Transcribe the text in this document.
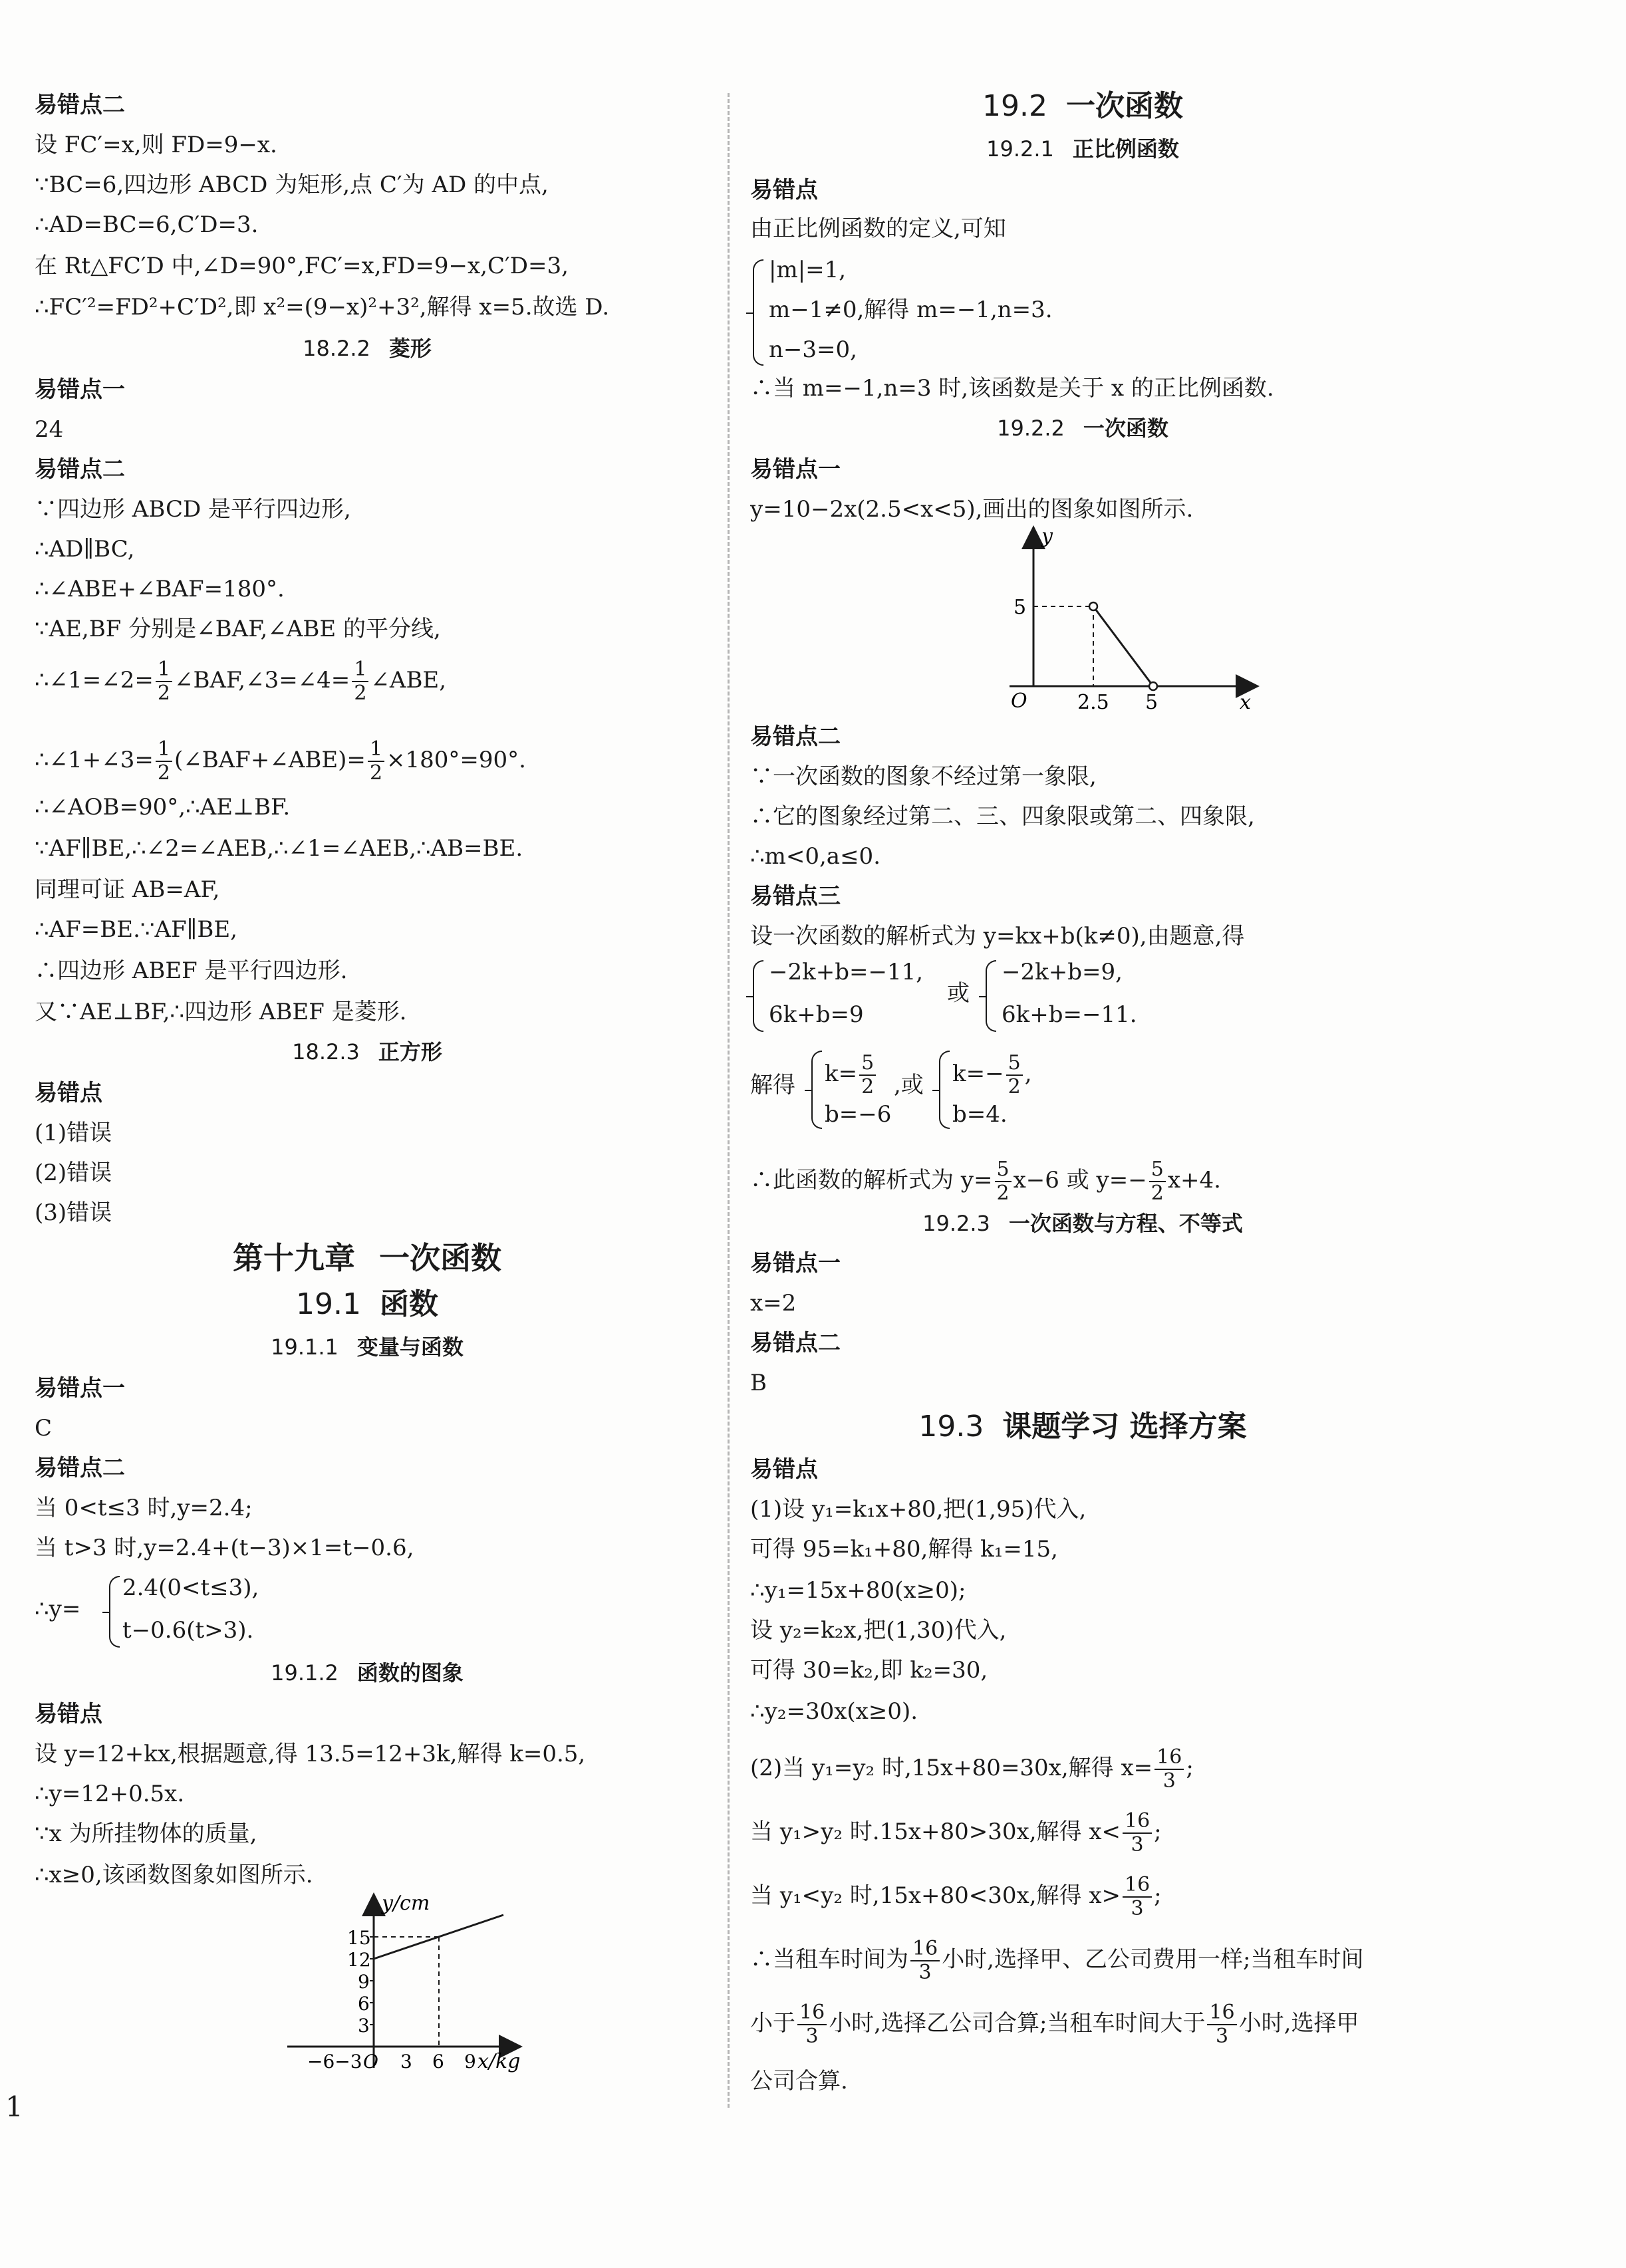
易错点二
设 FC′=x,则 FD=9−x.
∵BC=6,四边形 ABCD 为矩形,点 C′为 AD 的中点,
∴AD=BC=6,C′D=3.
在 Rt△FC′D 中,∠D=90°,FC′=x,FD=9−x,C′D=3,
∴FC′²=FD²+C′D²,即 x²=(9−x)²+3²,解得 x=5.故选 D.
18.2.2 菱形
易错点一
24
易错点二
∵四边形 ABCD 是平行四边形,
∴AD∥BC,
∴∠ABE+∠BAF=180°.
∵AE,BF 分别是∠BAF,∠ABE 的平分线,
∴∠1=∠2= $\frac{1}{2}$ ∠BAF,∠3=∠4= $\frac{1}{2}$ ∠ABE,
∴∠1+∠3= $\frac{1}{2}$ (∠BAF+∠ABE)= $\frac{1}{2} \times 180^\circ=90^\circ$.
∴∠AOB=90°,∴AE⊥BF.
∵AF∥BE,∴∠2=∠AEB,∴∠1=∠AEB,∴AB=BE.
同理可证 AB=AF,
∴AF=BE.∵AF∥BE,
∴四边形 ABEF 是平行四边形.
又∵AE⊥BF,∴四边形 ABEF 是菱形.
18.2.3 正方形
易错点
(1)错误
(2)错误
(3)错误
第十九章 一次函数
19.1 函数
19.1.1 变量与函数
易错点一
C
易错点二
当 0<t≤3 时,y=2.4;
当 t>3 时,y=2.4+(t−3)×1=t−0.6,
∴y=
2.4(0<t≤3),
t−0.6(t>3).
19.1.2 函数的图象
易错点
设 y=12+kx,根据题意,得 13.5=12+3k,解得 k=0.5,
∴y=12+0.5x.
∵x 为所挂物体的质量,
∴x≥0,该函数图象如图所示.
y/cm
15
12
9
6
3
−6−3 O 3 6 9 x/kg
19.2 一次函数
19.2.1 正比例函数
易错点
由正比例函数的定义,可知
|m|=1,
m−1≠0,解得 m=−1,n=3.
n−3=0,
∴当 m=−1,n=3 时,该函数是关于 x 的正比例函数.
19.2.2 一次函数
易错点一
y=10−2x(2.5<x<5),画出的图象如图所示.
y
5
O	2.5 5	x
易错点二
∵一次函数的图象不经过第一象限,
∴它的图象经过第二、三、四象限或第二、四象限,
∴m<0,a≤0.
易错点三
设一次函数的解析式为 y=kx+b(k≠0),由题意,得
−2k+b=−11,
6k+b=9
或
−2k+b=9,
6k+b=−11.
解得 $k= \frac{5}{2}$
b=−6
,或 $k=- \frac{5}{2}$ ,
b=4.
∴此函数的解析式为 $y= \frac{5}{2} x-6$ 或 $y=- \frac{5}{2} x+4$.
19.2.3 一次函数与方程、不等式
易错点一
x=2
易错点二
B
19.3 课题学习 选择方案
易错点
(1)设 y₁=k₁x+80,把(1,95)代入,
可得 95=k₁+80,解得 k₁=15,
∴y₁=15x+80(x≥0);
设 y₂=k₂x,把(1,30)代入,
可得 30=k₂,即 k₂=30,
∴y₂=30x(x≥0).
(2)当 y₁=y₂ 时,15x+80=30x,解得 $x= \frac{16}{3}$ ;
当 y₁>y₂ 时.15x+80>30x,解得 $x< \frac{16}{3}$ ;
当 y₁<y₂ 时,15x+80<30x,解得 $x> \frac{16}{3}$ ;
∴当租车时间为 $\frac{16}{3}$ 小时,选择甲、乙公司费用一样;当租车时间
小于 $\frac{16}{3}$ 小时,选择乙公司合算;当租车时间大于 $\frac{16}{3}$ 小时,选择甲
公司合算.
1
